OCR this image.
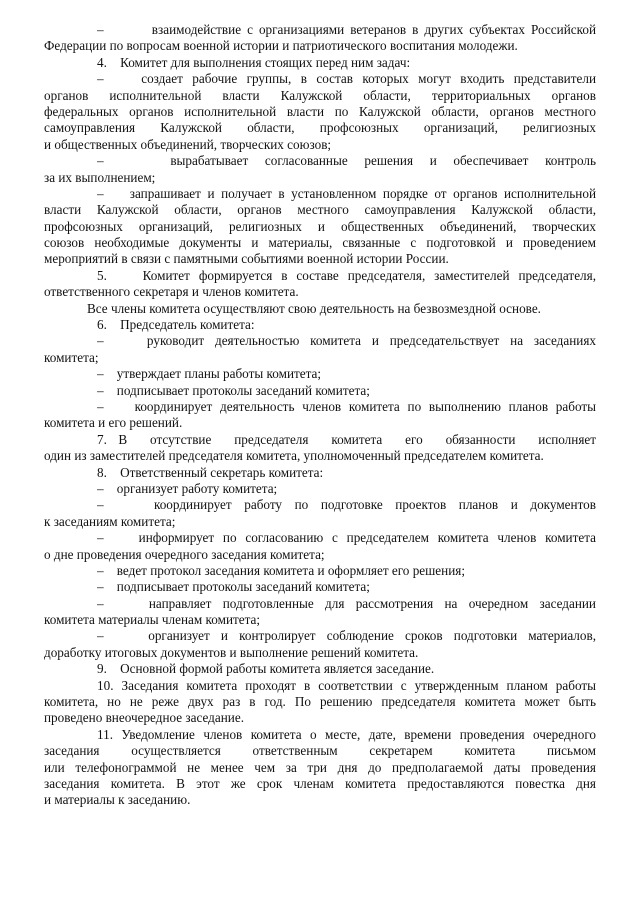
–        взаимодействие с организациями ветеранов в других субъектах Российской
Федерации по вопросам военной истории и патриотического воспитания молодежи.
4.    Комитет для выполнения стоящих перед ним задач:
–    создает рабочие группы, в состав которых могут входить представители
органов исполнительной власти Калужской области, территориальных органов
федеральных органов исполнительной власти по Калужской области, органов местного
самоуправления Калужской области, профсоюзных организаций, религиозных
и общественных объединений, творческих союзов;
–    вырабатывает согласованные решения и обеспечивает контроль
за их выполнением;
–    запрашивает и получает в установленном порядке от органов исполнительной
власти Калужской области, органов местного самоуправления Калужской области,
профсоюзных организаций, религиозных и общественных объединений, творческих
союзов необходимые документы и материалы, связанные с подготовкой и проведением
мероприятий в связи с памятными событиями военной истории России.
5.    Комитет формируется в составе председателя, заместителей председателя,
ответственного секретаря и членов комитета.
Все члены комитета осуществляют свою деятельность на безвозмездной основе.
6.    Председатель комитета:
–    руководит деятельностью комитета и председательствует на заседаниях
комитета;
–    утверждает планы работы комитета;
–    подписывает протоколы заседаний комитета;
–    координирует деятельность членов комитета по выполнению планов работы
комитета и его решений.
7.  В    отсутствие    председателя    комитета    его    обязанности    исполняет
один из заместителей председателя комитета, уполномоченный председателем комитета.
8.    Ответственный секретарь комитета:
–    организует работу комитета;
–    координирует работу по подготовке проектов планов и документов
к заседаниям комитета;
–    информирует по согласованию с председателем комитета членов комитета
о дне проведения очередного заседания комитета;
–    ведет протокол заседания комитета и оформляет его решения;
–    подписывает протоколы заседаний комитета;
–    направляет подготовленные для рассмотрения на очередном заседании
комитета материалы членам комитета;
–    организует и контролирует соблюдение сроков подготовки материалов,
доработку итоговых документов и выполнение решений комитета.
9.    Основной формой работы комитета является заседание.
10. Заседания комитета проходят в соответствии с утвержденным планом работы
комитета, но не реже двух раз в год. По решению председателя комитета может быть
проведено внеочередное заседание.
11. Уведомление членов комитета о месте, дате, времени проведения очередного
заседания    осуществляется    ответственным    секретарем    комитета    письмом
или телефонограммой не менее чем за три дня до предполагаемой даты проведения
заседания комитета. В этот же срок членам комитета предоставляются повестка дня
и материалы к заседанию.
